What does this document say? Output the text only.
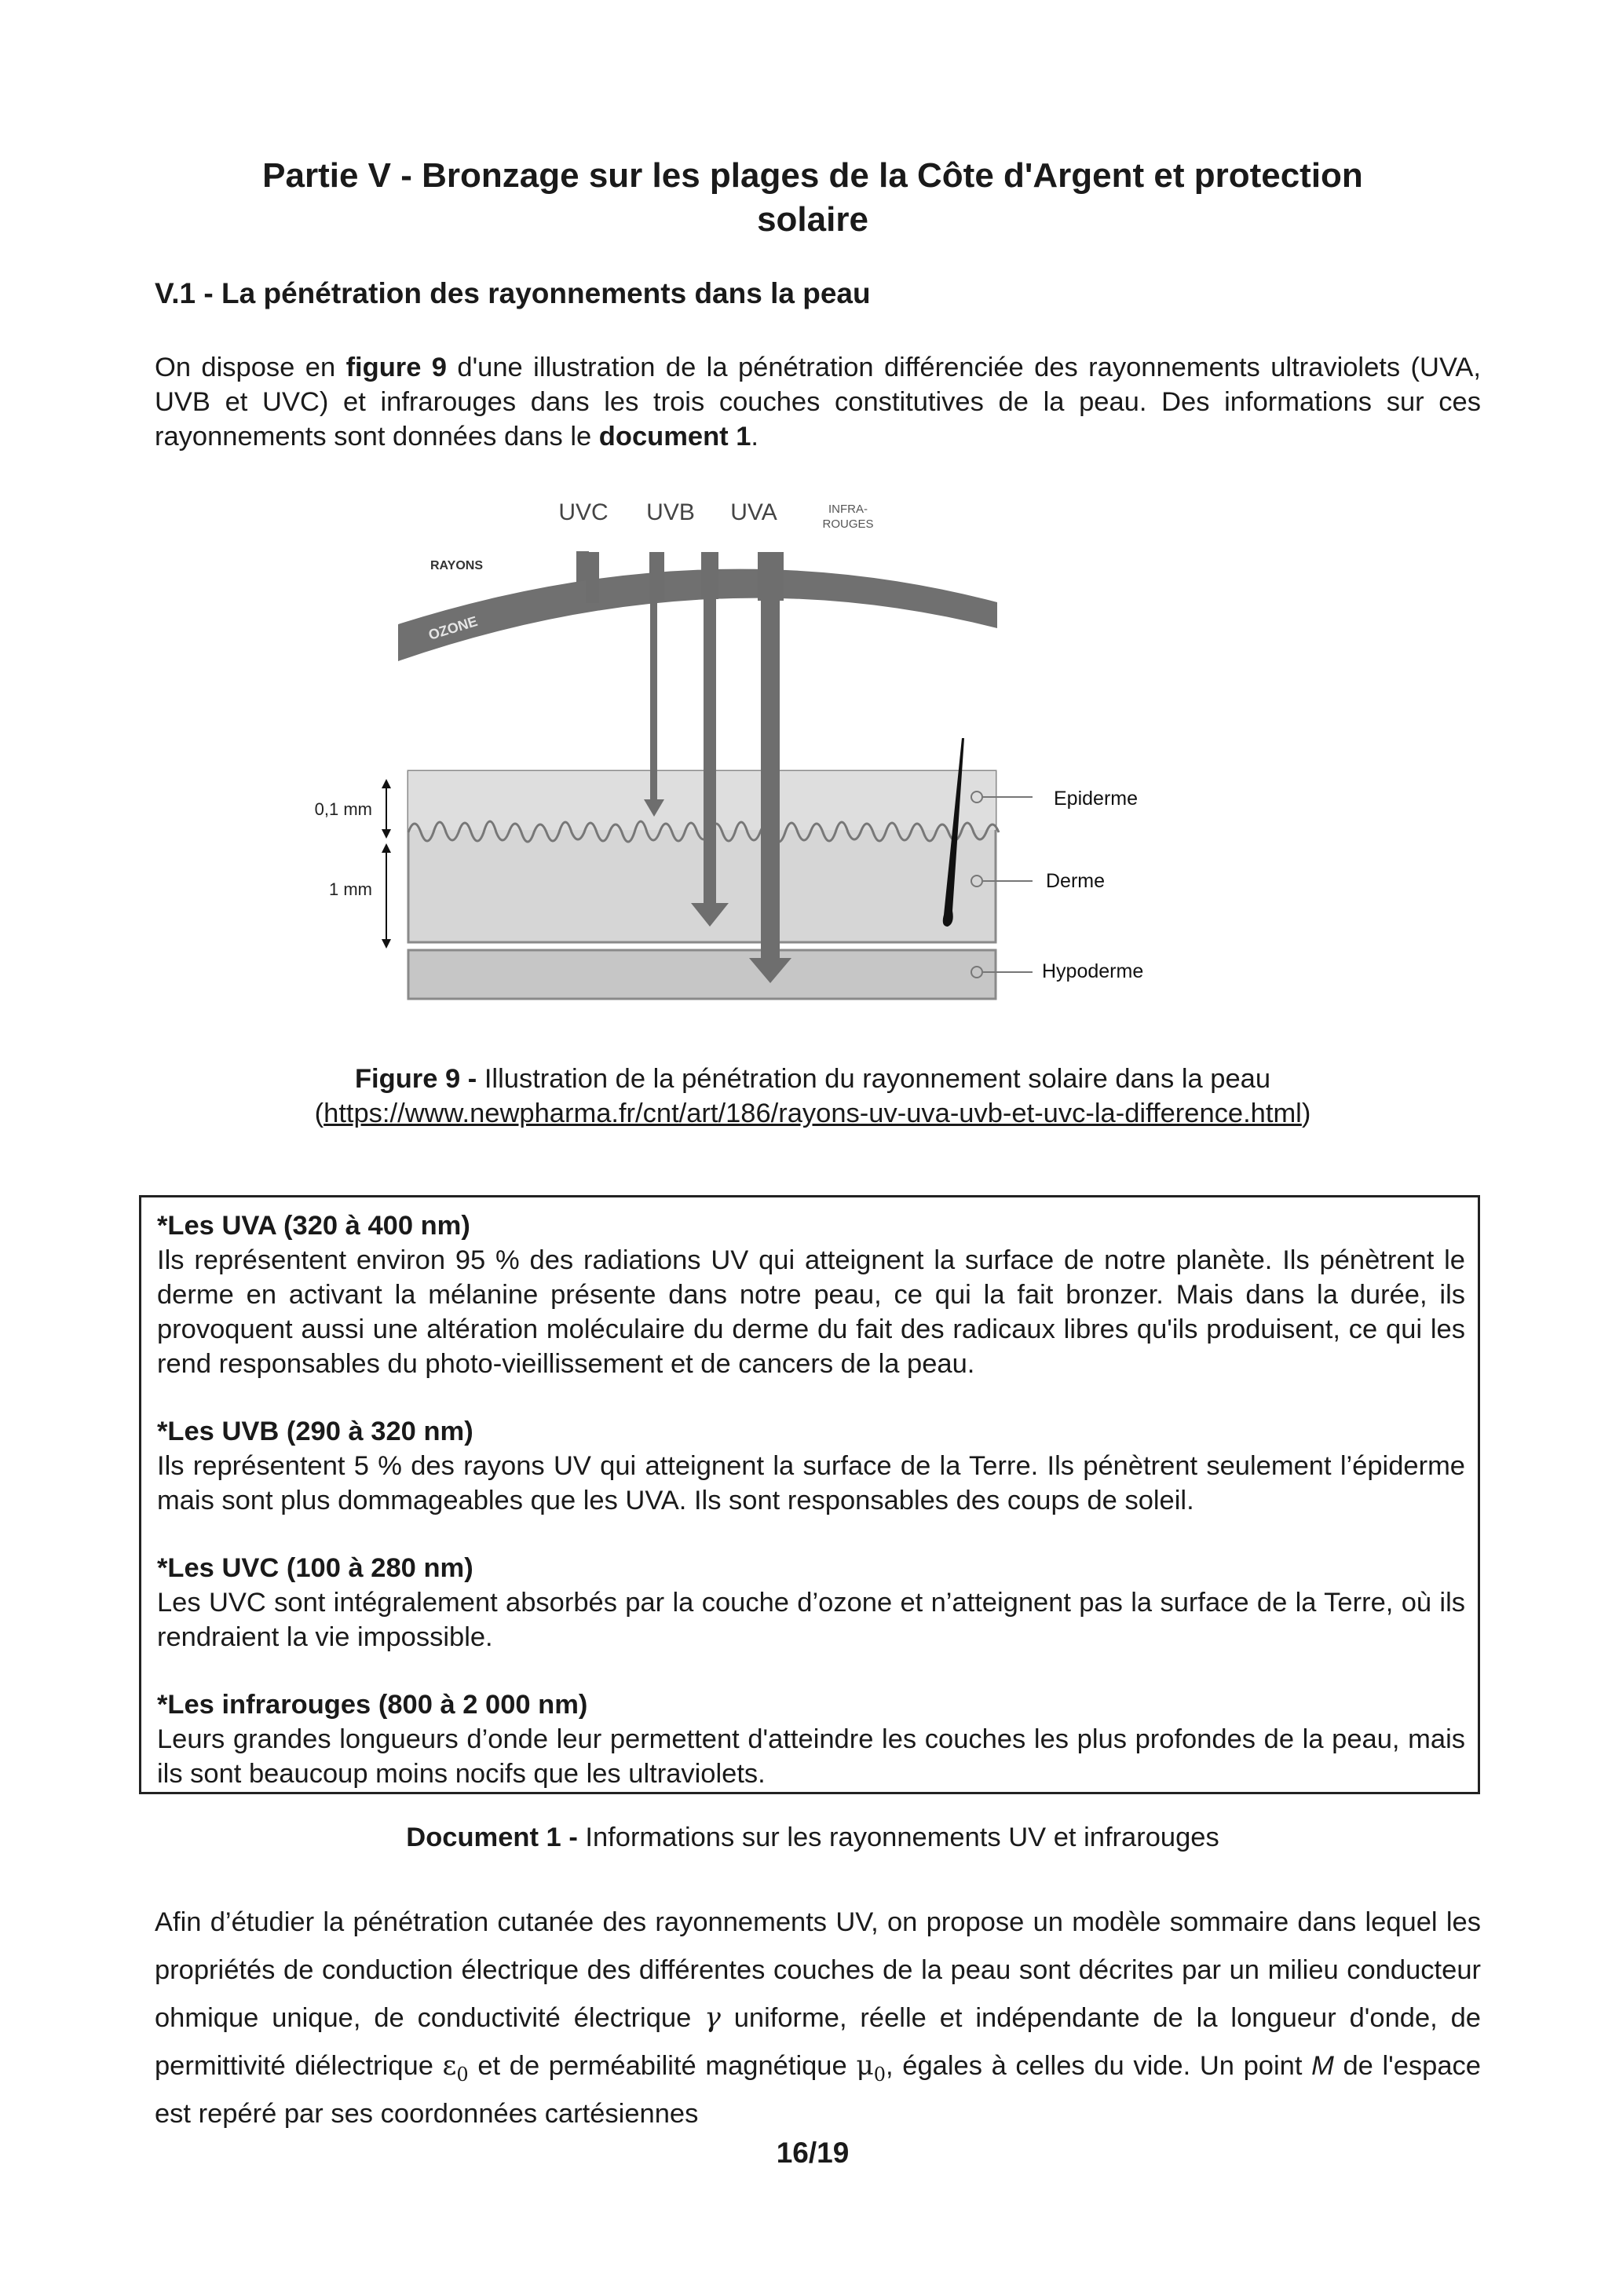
Partie V - Bronzage sur les plages de la Côte d'Argent et protection
solaire
V.1 - La pénétration des rayonnements dans la peau
On dispose en figure 9 d'une illustration de la pénétration différenciée des rayonnements ultraviolets (UVA, UVB et UVC) et infrarouges dans les trois couches constitutives de la peau. Des informations sur ces rayonnements sont données dans le document 1.
UVC UVB UVA	INFRA-
ROUGES
RAYONS
OZONE
0,1 mm
1 mm
Epiderme
Derme
Hypoderme
Figure 9 - Illustration de la pénétration du rayonnement solaire dans la peau
(https://www.newpharma.fr/cnt/art/186/rayons-uv-uva-uvb-et-uvc-la-difference.html)
*Les UVA (320 à 400 nm)
Ils représentent environ 95 % des radiations UV qui atteignent la surface de notre planète. Ils pénètrent le derme en activant la mélanine présente dans notre peau, ce qui la fait bronzer. Mais dans la durée, ils provoquent aussi une altération moléculaire du derme du fait des radicaux libres qu'ils produisent, ce qui les rend responsables du photo-vieillissement et de cancers de la peau.
*Les UVB (290 à 320 nm)
Ils représentent 5 % des rayons UV qui atteignent la surface de la Terre. Ils pénètrent seulement l’épiderme mais sont plus dommageables que les UVA. Ils sont responsables des coups de soleil.
*Les UVC (100 à 280 nm)
Les UVC sont intégralement absorbés par la couche d’ozone et n’atteignent pas la surface de la Terre, où ils rendraient la vie impossible.
*Les infrarouges (800 à 2 000 nm)
Leurs grandes longueurs d’onde leur permettent d'atteindre les couches les plus profondes de la peau, mais ils sont beaucoup moins nocifs que les ultraviolets.
Document 1 - Informations sur les rayonnements UV et infrarouges
Afin d’étudier la pénétration cutanée des rayonnements UV, on propose un modèle sommaire dans lequel les propriétés de conduction électrique des différentes couches de la peau sont décrites par un milieu conducteur ohmique unique, de conductivité électrique γ uniforme, réelle et indépendante de la longueur d'onde, de permittivité diélectrique $\varepsilon_0$ et de perméabilité magnétique $\mu_0$, égales à celles du vide. Un point M de l'espace est repéré par ses coordonnées cartésiennes
16/19
